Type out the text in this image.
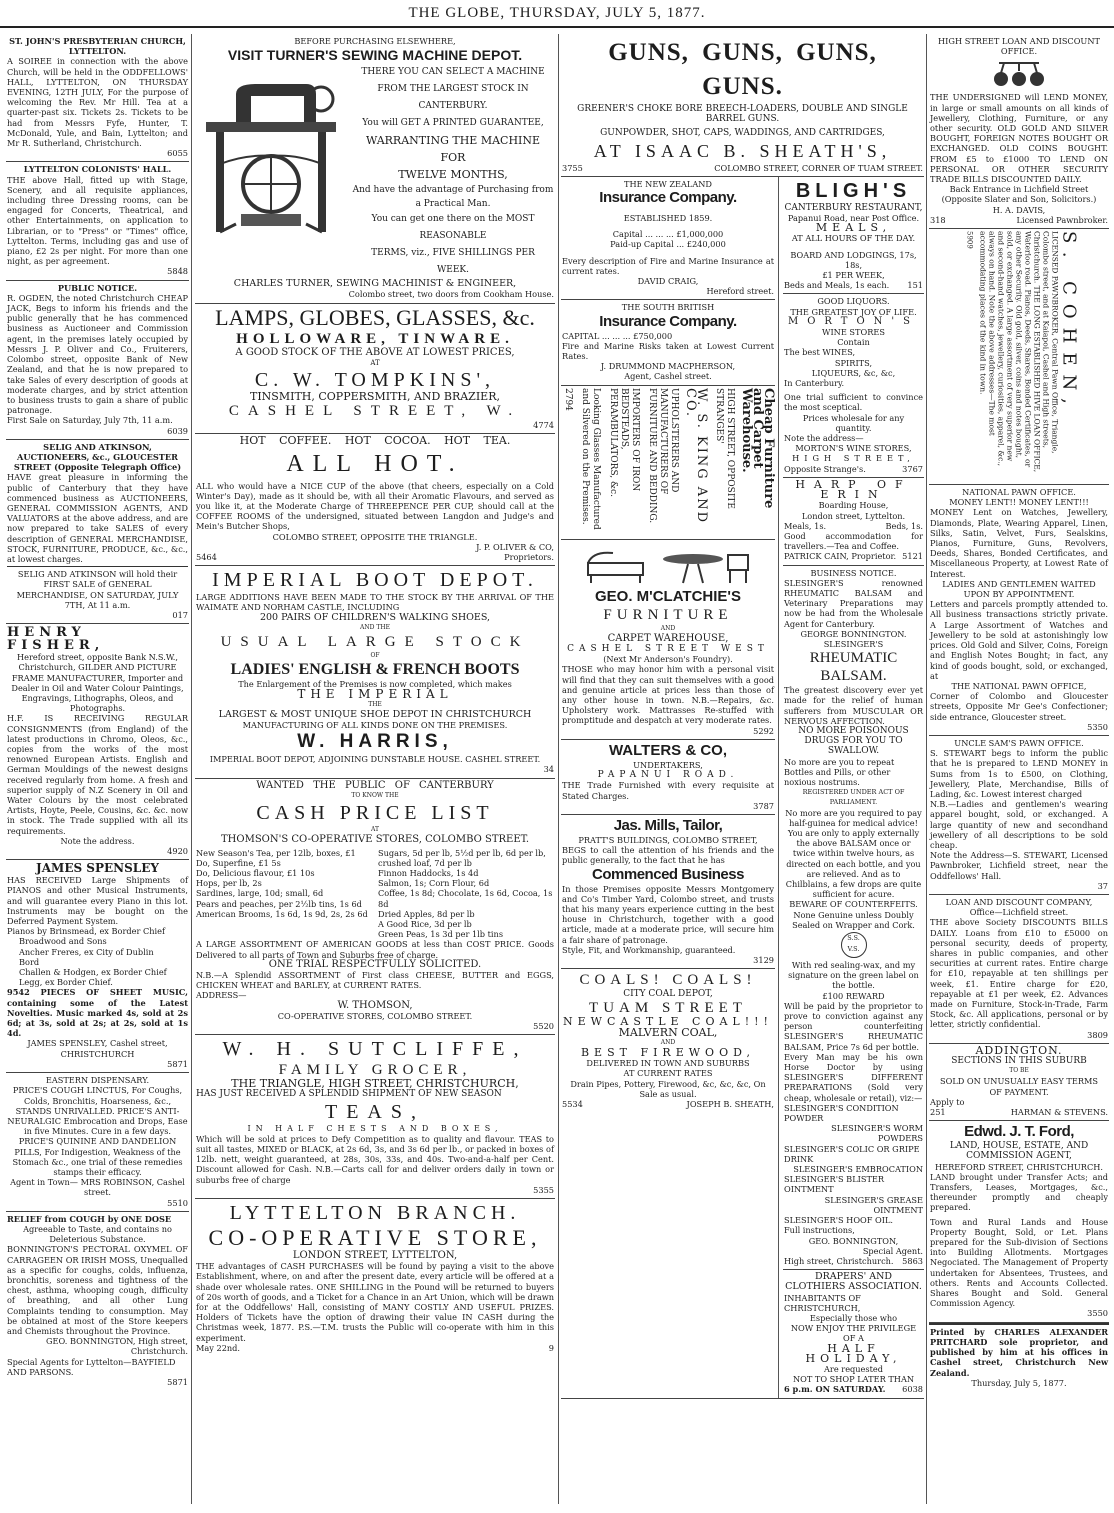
THE GLOBE, THURSDAY, JULY 5, 1877.
ST. JOHN'S PRESBYTERIAN CHURCH, LYTTELTON.
A SOIREE in connection with the above Church, will be held in the ODDFELLOWS' HALL, LYTTELTON, ON THURSDAY EVENING, 12TH JULY, For the purpose of welcoming the Rev. Mr Hill. Tea at a quarter-past six. Tickets 2s. Tickets to be had from Messrs Fyfe, Hunter, T. McDonald, Yule, and Bain, Lyttelton; and Mr R. Sutherland, Christchurch.
6055
LYTTELTON COLONISTS' HALL.
THE above Hall, fitted up with Stage, Scenery, and all requisite appliances, including three Dressing rooms, can be engaged for Concerts, Theatrical, and other Entertainments, on application to Librarian, or to "Press" or "Times" office, Lyttelton. Terms, including gas and use of piano, £2 2s per night. For more than one night, as per agreement.
5848
PUBLIC NOTICE.
R. OGDEN, the noted Christchurch CHEAP JACK, Begs to inform his friends and the public generally that he has commenced business as Auctioneer and Commission agent, in the premises lately occupied by Messrs J. P. Oliver and Co., Fruiterers, Colombo street, opposite Bank of New Zealand, and that he is now prepared to take Sales of every description of goods at moderate charges, and by strict attention to business trusts to gain a share of public patronage.
First Sale on Saturday, July 7th, 11 a.m.
6039
SELIG AND ATKINSON, AUCTIONEERS, &c., GLOUCESTER STREET (Opposite Telegraph Office)
HAVE great pleasure in informing the public of Canterbury that they have commenced business as AUCTIONEERS, GENERAL COMMISSION AGENTS, AND VALUATORS at the above address, and are now prepared to take SALES of every description of GENERAL MERCHANDISE, STOCK, FURNITURE, PRODUCE, &c., &c., at lowest charges.
SELIG AND ATKINSON will hold their FIRST SALE of GENERAL MERCHANDISE, ON SATURDAY, JULY 7TH, At 11 a.m.
017
HENRY FISHER,
Hereford street, opposite Bank N.S.W., Christchurch, GILDER AND PICTURE FRAME MANUFACTURER, Importer and Dealer in Oil and Water Colour Paintings, Engravings, Lithographs, Oleos, and Photographs.
H.F. IS RECEIVING REGULAR CONSIGNMENTS (from England) of the latest productions in Chromo, Oleos, &c., copies from the works of the most renowned European Artists. English and German Mouldings of the newest designs received regularly from home. A fresh and superior supply of N.Z Scenery in Oil and Water Colours by the most celebrated Artists, Hoyte, Peele, Cousins, &c. &c. now in stock. The Trade supplied with all its requirements.
Note the address.
4920
JAMES SPENSLEY
HAS RECEIVED Large Shipments of PIANOS and other Musical Instruments, and will guarantee every Piano in this lot. Instruments may be bought on the Deferred Payment System.
Pianos by Brinsmead, ex Border Chief
Broadwood and Sons
Ancher Freres, ex City of Dublin
Bord
Challen & Hodgen, ex Border Chief
Legg, ex Border Chief.
9542 PIECES OF SHEET MUSIC, containing some of the Latest Novelties. Music marked 4s, sold at 2s 6d; at 3s, sold at 2s; at 2s, sold at 1s 4d.
JAMES SPENSLEY, Cashel street, CHRISTCHURCH
5871
EASTERN DISPENSARY.
PRICE'S COUGH LINCTUS, For Coughs, Colds, Bronchitis, Hoarseness, &c., STANDS UNRIVALLED. PRICE'S ANTI-NEURALGIC Embrocation and Drops, Ease in five Minutes. Cure in a few days. PRICE'S QUININE AND DANDELION PILLS, For Indigestion, Weakness of the Stomach &c., one trial of these remedies stamps their efficacy.
Agent in Town— MRS ROBINSON, Cashel street.
5510
RELIEF from COUGH by ONE DOSE
Agreeable to Taste, and contains no Deleterious Substance.
BONNINGTON'S PECTORAL OXYMEL OF CARRAGEEN OR IRISH MOSS, Unequalled as a specific for coughs, colds, influenza, bronchitis, soreness and tightness of the chest, asthma, whooping cough, difficulty of breathing, and all other Lung Complaints tending to consumption. May be obtained at most of the Store keepers and Chemists throughout the Province.
GEO. BONNINGTON, High street, Christchurch.
Special Agents for Lyttelton—BAYFIELD AND PARSONS.
5871
BEFORE PURCHASING ELSEWHERE,
VISIT TURNER'S SEWING MACHINE DEPOT.
THERE YOU CAN SELECT A MACHINE
FROM THE LARGEST STOCK IN
CANTERBURY.
You will GET A PRINTED GUARANTEE,
WARRANTING THE MACHINE FOR
TWELVE MONTHS,
And have the advantage of Purchasing from a Practical Man.
You can get one there on the MOST REASONABLE
TERMS, viz., FIVE SHILLINGS PER
WEEK.
CHARLES TURNER, SEWING MACHINIST & ENGINEER,
Colombo street, two doors from Cookham House.
LAMPS, GLOBES, GLASSES, &c.
HOLLOWARE, TINWARE.
A GOOD STOCK OF THE ABOVE AT LOWEST PRICES,
AT
C. W. TOMPKINS',
TINSMITH, COPPERSMITH, AND BRAZIER,
CASHEL STREET, W.
4774
HOT COFFEE. HOT COCOA. HOT TEA.
ALL HOT.
ALL who would have a NICE CUP of the above (that cheers, especially on a Cold Winter's Day), made as it should be, with all their Aromatic Flavours, and served as you like it, at the Moderate Charge of THREEPENCE PER CUP, should call at the COFFEE ROOMS of the undersigned, situated between Langdon and Judge's and Mein's Butcher Shops,
COLOMBO STREET, OPPOSITE THE TRIANGLE.
J. P. OLIVER & CO,
5464	Proprietors.
IMPERIAL BOOT DEPOT.
LARGE ADDITIONS HAVE BEEN MADE TO THE STOCK BY THE ARRIVAL OF THE WAIMATE AND NORHAM CASTLE, INCLUDING
200 PAIRS OF CHILDREN'S WALKING SHOES,
AND THE
USUAL LARGE STOCK
OF
LADIES' ENGLISH & FRENCH BOOTS
The Enlargement of the Premises is now completed, which makes
THE IMPERIAL
THE
LARGEST & MOST UNIQUE SHOE DEPOT IN CHRISTCHURCH
MANUFACTURING OF ALL KINDS DONE ON THE PREMISES.
W. HARRIS,
IMPERIAL BOOT DEPOT, ADJOINING DUNSTABLE HOUSE. CASHEL STREET.
34
WANTED THE PUBLIC OF CANTERBURY
TO KNOW THE
CASH PRICE LIST
AT
THOMSON'S CO-OPERATIVE STORES, COLOMBO STREET.
New Season's Tea, per 12lb, boxes, £1
Do, Superfine, £1 5s
Do, Delicious flavour, £1 10s
Hops, per lb, 2s
Sardines, large, 10d; small, 6d
Pears and peaches, per 2½lb tins, 1s 6d
American Brooms, 1s 6d, 1s 9d, 2s, 2s 6d
Sugars, 5d per lb, 5½d per lb, 6d per lb,
crushed loaf, 7d per lb
Finnon Haddocks, 1s 4d
Salmon, 1s; Corn Flour, 6d
Coffee, 1s 8d; Chocolate, 1s 6d, Cocoa, 1s 8d
Dried Apples, 8d per lb
A Good Rice, 3d per lb
Green Peas, 1s 3d per 1lb tins
A LARGE ASSORTMENT OF AMERICAN GOODS at less than COST PRICE. Goods Delivered to all parts of Town and Suburbs free of charge.
ONE TRIAL RESPECTFULLY SOLICITED.
N.B.—A Splendid ASSORTMENT of First class CHEESE, BUTTER and EGGS, CHICKEN WHEAT and BARLEY, at CURRENT RATES.
ADDRESS—
W. THOMSON,
CO-OPERATIVE STORES, COLOMBO STREET.
5520
W. H. SUTCLIFFE,
FAMILY GROCER,
THE TRIANGLE, HIGH STREET, CHRISTCHURCH,
HAS JUST RECEIVED A SPLENDID SHIPMENT OF NEW SEASON
TEAS,
IN HALF CHESTS AND BOXES,
Which will be sold at prices to Defy Competition as to quality and flavour. TEAS to suit all tastes, MIXED or BLACK, at 2s 6d, 3s, and 3s 6d per lb., or packed in boxes of 12lb. nett, weight guaranteed, at 28s, 30s, 33s, and 40s. Two-and-a-half per Cent. Discount allowed for Cash. N.B.—Carts call for and deliver orders daily in town or suburbs free of charge
5355
LYTTELTON BRANCH.
CO-OPERATIVE STORE,
LONDON STREET, LYTTELTON,
THE advantages of CASH PURCHASES will be found by paying a visit to the above Establishment, where, on and after the present date, every article will be offered at a shade over wholesale rates. ONE SHILLING in the Pound will be returned to buyers of 20s worth of goods, and a Ticket for a Chance in an Art Union, which will be drawn for at the Oddfellows' Hall, consisting of MANY COSTLY AND USEFUL PRIZES. Holders of Tickets have the option of drawing their value IN CASH during the Christmas week, 1877. P.S.—T.M. trusts the Public will co-operate with him in this experiment.
May 22nd.	9
GUNS, GUNS, GUNS, GUNS.
GREENER'S CHOKE BORE BREECH-LOADERS, DOUBLE AND SINGLE BARREL GUNS.
GUNPOWDER, SHOT, CAPS, WADDINGS, AND CARTRIDGES,
AT ISAAC B. SHEATH'S,
3755	COLOMBO STREET, CORNER OF TUAM STREET.
THE NEW ZEALAND
Insurance Company.
ESTABLISHED 1859.
Capital ... ... ... £1,000,000
Paid-up Capital ... £240,000
Every description of Fire and Marine Insurance at current rates.
DAVID CRAIG,
Hereford street.
THE SOUTH BRITISH
Insurance Company.
CAPITAL ... ... ... £750,000
Fire and Marine Risks taken at Lowest Current Rates.
J. DRUMMOND MACPHERSON,
Agent, Cashel street.
Cheap Furniture and Carpet Warehouse.
HIGH STREET, OPPOSITE STRANGES'
W. S. KING AND CO.
UPHOLSTERERS AND MANUFACTURERS OF FURNITURE AND BEDDING.
IMPORTERS OF IRON BEDSTEADS, PERAMBULATORS, &c.
Looking Glasses Manufactured and Silvered on the Premises.
2794
GEO. M'CLATCHIE'S
FURNITURE
AND
CARPET WAREHOUSE,
CASHEL STREET WEST
(Next Mr Anderson's Foundry).
THOSE who may honor him with a personal visit will find that they can suit themselves with a good and genuine article at prices less than those of any other house in town. N.B.—Repairs, &c. Upholstery work. Mattrasses Re-stuffed with promptitude and despatch at very moderate rates.
5292
WALTERS & CO,
UNDERTAKERS,
PAPANUI ROAD.
THE Trade Furnished with every requisite at Stated Charges.
3787
Jas. Mills, Tailor,
PRATT'S BUILDINGS, COLOMBO STREET,
BEGS to call the attention of his friends and the public generally, to the fact that he has
Commenced Business
In those Premises opposite Messrs Montgomery and Co's Timber Yard, Colombo street, and trusts that his many years experience cutting in the best house in Christchurch, together with a good article, made at a moderate price, will secure him a fair share of patronage.
Style, Fit, and Workmanship, guaranteed.
3129
COALS! COALS!
CITY COAL DEPOT,
TUAM STREET
NEWCASTLE COAL!!!
MALVERN COAL,
AND
BEST FIREWOOD,
DELIVERED IN TOWN AND SUBURBS
AT CURRENT RATES
Drain Pipes, Pottery, Firewood, &c, &c, &c, On Sale as usual.
5534	JOSEPH B. SHEATH,
BLIGH'S
CANTERBURY RESTAURANT,
Papanui Road, near Post Office.
MEALS,
AT ALL HOURS OF THE DAY.
BOARD AND LODGINGS, 17s, 18s,
£1 PER WEEK,
Beds and Meals, 1s each. 151
GOOD LIQUORS.
THE GREATEST JOY OF LIFE.
MORTON'S
WINE STORES
Contain
The best WINES,
SPIRITS,
LIQUEURS, &c, &c,
In Canterbury.
One trial sufficient to convince the most sceptical.
Prices wholesale for any quantity.
Note the address—
MORTON'S WINE STORES,
HIGH STREET,
Opposite Strange's.	3767
HARP OF ERIN
Boarding House,
London street, Lyttelton.
Meals, 1s.	Beds, 1s.
Good accommodation for travellers.—Tea and Coffee.
PATRICK CAIN, Proprietor. 5121
BUSINESS NOTICE.
SLESINGER'S renowned RHEUMATIC BALSAM and Veterinary Preparations may now be had from the Wholesale Agent for Canterbury.
GEORGE BONNINGTON.
SLESINGER'S
RHEUMATIC BALSAM.
The greatest discovery ever yet made for the relief of human sufferers from MUSCULAR OR NERVOUS AFFECTION.
NO MORE POISONOUS DRUGS FOR YOU TO SWALLOW.
No more are you to repeat Bottles and Pills, or other noxious nostrums.
REGISTERED UNDER ACT OF PARLIAMENT.
No more are you required to pay half-guinea for medical advice! You are only to apply externally the above BALSAM once or twice within twelve hours, as directed on each bottle, and you are relieved. And as to Chilblains, a few drops are quite sufficient for acure.
BEWARE OF COUNTERFEITS.
None Genuine unless Doubly Sealed on Wrapper and Cork.
S.S. V.S.
With red sealing-wax, and my signature on the green label on the bottle.
£100 REWARD
Will be paid by the proprietor to prove to conviction against any person counterfeiting SLESINGER'S RHEUMATIC BALSAM, Price 7s 6d per bottle.
Every Man may be his own Horse Doctor by using SLESINGER'S DIFFERENT PREPARATIONS (Sold very cheap, wholesale or retail), viz:—
SLESINGER'S CONDITION POWDER
SLESINGER'S WORM POWDERS
SLESINGER'S COLIC OR GRIPE DRINK
SLESINGER'S EMBROCATION
SLESINGER'S BLISTER OINTMENT
SLESINGER'S GREASE OINTMENT
SLESINGER'S HOOF OIL.
Full instructions,
GEO. BONNINGTON,
Special Agent.
High street, Christchurch. 5863
DRAPERS' AND CLOTHIERS ASSOCIATION.
INHABITANTS OF CHRISTCHURCH,
Especially those who
NOW ENJOY THE PRIVILEGE OF A
HALF HOLIDAY,
Are requested
NOT TO SHOP LATER THAN
6 p.m. ON SATURDAY. 6038
HIGH STREET LOAN AND DISCOUNT OFFICE.
THE UNDERSIGNED will LEND MONEY, in large or small amounts on all kinds of Jewellery, Clothing, Furniture, or any other security. OLD GOLD AND SILVER BOUGHT, FOREIGN NOTES BOUGHT OR EXCHANGED. OLD COINS BOUGHT. FROM £5 to £1000 TO LEND ON PERSONAL OR OTHER SECURITY TRADE BILLS DISCOUNTED DAILY.
Back Entrance in Lichfield Street
(Opposite Slater and Son, Solicitors.)
H. A. DAVIS,
318	Licensed Pawnbroker.
S. COHEN,
LICENSED PAWNBROKER, Central Pawn Office, Triangle, Colombo street, and at Kaiapoi, Cashel and High streets, Christchurch. THE LONG ESTABLISHED HIVE LOAN OFFICE, Waterloo road. Pianos, Deeds, Shares, Bonded Certificates, or any other Security. Old gold, silver, coins and notes bought, sold, or exchanged. A large assortment of very superior new and second-hand watches, jewellery, curiosities, apparel, &c., always on hand. Note the above addresses—The most accommodating places of the kind in town.
5909
NATIONAL PAWN OFFICE.
MONEY LENT!! MONEY LENT!!!
MONEY Lent on Watches, Jewellery, Diamonds, Plate, Wearing Apparel, Linen, Silks, Satin, Velvet, Furs, Sealskins, Pianos, Furniture, Guns, Revolvers, Deeds, Shares, Bonded Certificates, and Miscellaneous Property, at Lowest Rate of Interest.
LADIES AND GENTLEMEN WAITED UPON BY APPOINTMENT.
Letters and parcels promptly attended to. All business transactions strictly private. A Large Assortment of Watches and Jewellery to be sold at astonishingly low prices. Old Gold and Silver, Coins, Foreign and English Notes Bought; in fact, any kind of goods bought, sold, or exchanged, at
THE NATIONAL PAWN OFFICE,
Corner of Colombo and Gloucester streets, Opposite Mr Gee's Confectioner; side entrance, Gloucester street.
5350
UNCLE SAM'S PAWN OFFICE.
S. STEWART begs to inform the public that he is prepared to LEND MONEY in Sums from 1s to £500, on Clothing, Jewellery, Plate, Merchandise, Bills of Lading, &c. Lowest interest charged
N.B.—Ladies and gentlemen's wearing apparel bought, sold, or exchanged. A large quantity of new and secondhand jewellery of all descriptions to be sold cheap.
Note the Address—S. STEWART, Licensed Pawnbroker, Lichfield street, near the Oddfellows' Hall.
37
LOAN AND DISCOUNT COMPANY,
Office—Lichfield street.
THE above Society DISCOUNTS BILLS DAILY. Loans from £10 to £5000 on personal security, deeds of property, shares in public companies, and other securities at current rates. Entire charge for £10, repayable at ten shillings per week, £1. Entire charge for £20, repayable at £1 per week, £2. Advances made on Furniture, Stock-in-Trade, Farm Stock, &c. All applications, personal or by letter, strictly confidential.
3809
ADDINGTON.
SECTIONS IN THIS SUBURB
TO BE
SOLD ON UNUSUALLY EASY TERMS
OF PAYMENT.
Apply to
251	HARMAN & STEVENS.
Edwd. J. T. Ford,
LAND, HOUSE, ESTATE, AND
COMMISSION AGENT,
HEREFORD STREET, CHRISTCHURCH.
LAND brought under Transfer Acts; and Transfers, Leases, Mortgages, &c., thereunder promptly and cheaply prepared.
Town and Rural Lands and House Property Bought, Sold, or Let. Plans prepared for the Sub-division of Sections into Building Allotments. Mortgages Negociated. The Management of Property undertaken for Absentees, Trustees, and others. Rents and Accounts Collected. Shares Bought and Sold. General Commission Agency.
3550
Printed by CHARLES ALEXANDER PRITCHARD sole proprietor, and published by him at his offices in Cashel street, Christchurch New Zealand.
Thursday, July 5, 1877.
